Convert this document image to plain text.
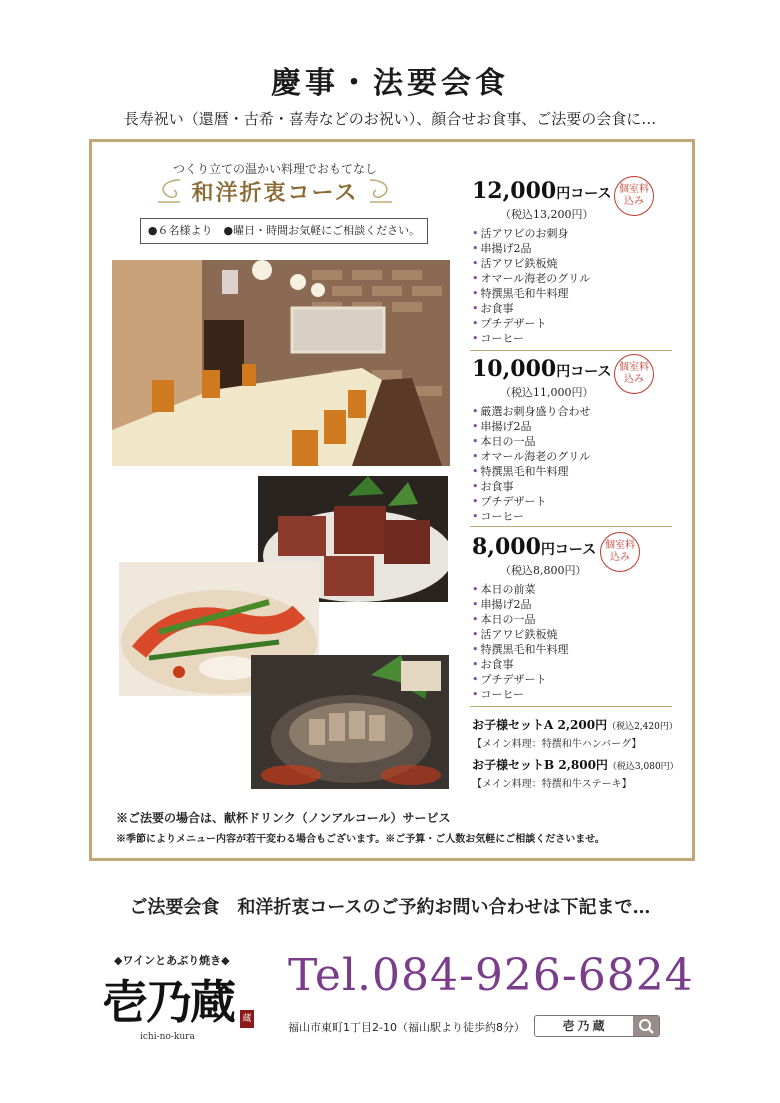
慶事・法要会食
長寿祝い（還暦・古希・喜寿などのお祝い）、顔合せお食事、ご法要の会食に…
つくり立ての温かい料理でおもてなし
和洋折衷コース
●６名様より　●曜日・時間お気軽にご相談ください。
12,000円コース
（税込13,200円）
• 活アワビのお刺身
• 串揚げ2品
• 活アワビ鉄板焼
• オマール海老のグリル
• 特撰黒毛和牛料理
• お食事
• プチデザート
• コーヒー
個室料
込み
10,000円コース
（税込11,000円）
• 厳選お刺身盛り合わせ
• 串揚げ2品
• 本日の一品
• オマール海老のグリル
• 特撰黒毛和牛料理
• お食事
• プチデザート
• コーヒー
個室料
込み
8,000円コース
（税込8,800円）
• 本日の前菜
• 串揚げ2品
• 本日の一品
• 活アワビ鉄板焼
• 特撰黒毛和牛料理
• お食事
• プチデザート
• コーヒー
個室料
込み
お子様セットA 2,200円（税込2,420円）
【メイン料理：特撰和牛ハンバーグ】
お子様セットB 2,800円（税込3,080円）
【メイン料理：特撰和牛ステーキ】
※ご法要の場合は、献杯ドリンク（ノンアルコール）サービス
※季節によりメニュー内容が若干変わる場合もございます。※ご予算・ご人数お気軽にご相談くださいませ。
ご法要会食　和洋折衷コースのご予約お問い合わせは下記まで…
◆ワインとあぶり焼き◆
壱乃蔵
ichi-no-kura
蔵
Tel.084-926-6824
福山市東町1丁目2-10（福山駅より徒歩約8分）	壱乃蔵
